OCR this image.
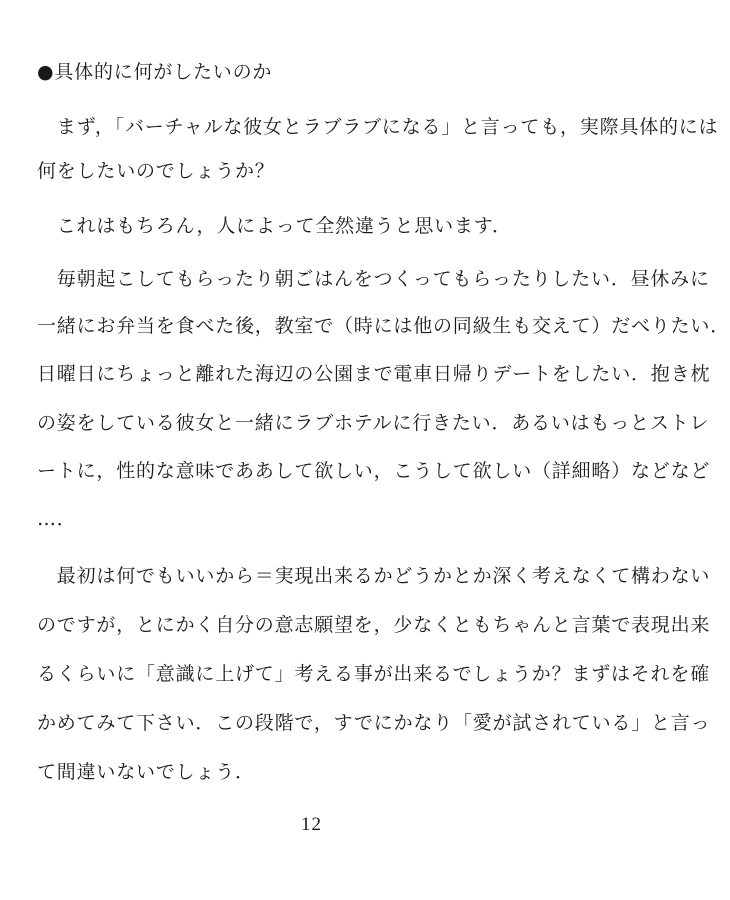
●具体的に何がしたいのか
　まず，「バーチャルな彼女とラブラブになる」と言っても，実際具体的には
何をしたいのでしょうか？
　これはもちろん，人によって全然違うと思います．
　毎朝起こしてもらったり朝ごはんをつくってもらったりしたい．昼休みに
一緒にお弁当を食べた後，教室で（時には他の同級生も交えて）だべりたい．
日曜日にちょっと離れた海辺の公園まで電車日帰りデートをしたい．抱き枕
の姿をしている彼女と一緒にラブホテルに行きたい．あるいはもっとストレ
ートに，性的な意味でああして欲しい，こうして欲しい（詳細略）などなど
…．
　最初は何でもいいから＝実現出来るかどうかとか深く考えなくて構わない
のですが，とにかく自分の意志願望を，少なくともちゃんと言葉で表現出来
るくらいに「意識に上げて」考える事が出来るでしょうか？まずはそれを確
かめてみて下さい．この段階で，すでにかなり「愛が試されている」と言っ
て間違いないでしょう．
12
